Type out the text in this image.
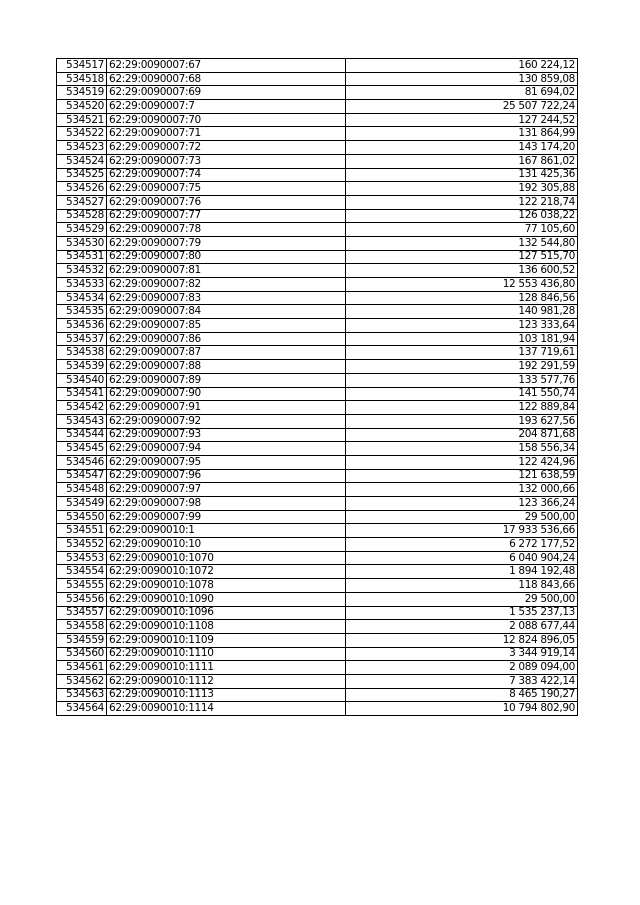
534517	62:29:0090007:67	160 224,12
534518	62:29:0090007:68	130 859,08
534519	62:29:0090007:69	81 694,02
534520	62:29:0090007:7	25 507 722,24
534521	62:29:0090007:70	127 244,52
534522	62:29:0090007:71	131 864,99
534523	62:29:0090007:72	143 174,20
534524	62:29:0090007:73	167 861,02
534525	62:29:0090007:74	131 425,36
534526	62:29:0090007:75	192 305,88
534527	62:29:0090007:76	122 218,74
534528	62:29:0090007:77	126 038,22
534529	62:29:0090007:78	77 105,60
534530	62:29:0090007:79	132 544,80
534531	62:29:0090007:80	127 515,70
534532	62:29:0090007:81	136 600,52
534533	62:29:0090007:82	12 553 436,80
534534	62:29:0090007:83	128 846,56
534535	62:29:0090007:84	140 981,28
534536	62:29:0090007:85	123 333,64
534537	62:29:0090007:86	103 181,94
534538	62:29:0090007:87	137 719,61
534539	62:29:0090007:88	192 291,59
534540	62:29:0090007:89	133 577,76
534541	62:29:0090007:90	141 550,74
534542	62:29:0090007:91	122 889,84
534543	62:29:0090007:92	193 627,56
534544	62:29:0090007:93	204 871,68
534545	62:29:0090007:94	158 556,34
534546	62:29:0090007:95	122 424,96
534547	62:29:0090007:96	121 638,59
534548	62:29:0090007:97	132 000,66
534549	62:29:0090007:98	123 366,24
534550	62:29:0090007:99	29 500,00
534551	62:29:0090010:1	17 933 536,66
534552	62:29:0090010:10	6 272 177,52
534553	62:29:0090010:1070	6 040 904,24
534554	62:29:0090010:1072	1 894 192,48
534555	62:29:0090010:1078	118 843,66
534556	62:29:0090010:1090	29 500,00
534557	62:29:0090010:1096	1 535 237,13
534558	62:29:0090010:1108	2 088 677,44
534559	62:29:0090010:1109	12 824 896,05
534560	62:29:0090010:1110	3 344 919,14
534561	62:29:0090010:1111	2 089 094,00
534562	62:29:0090010:1112	7 383 422,14
534563	62:29:0090010:1113	8 465 190,27
534564	62:29:0090010:1114	10 794 802,90
